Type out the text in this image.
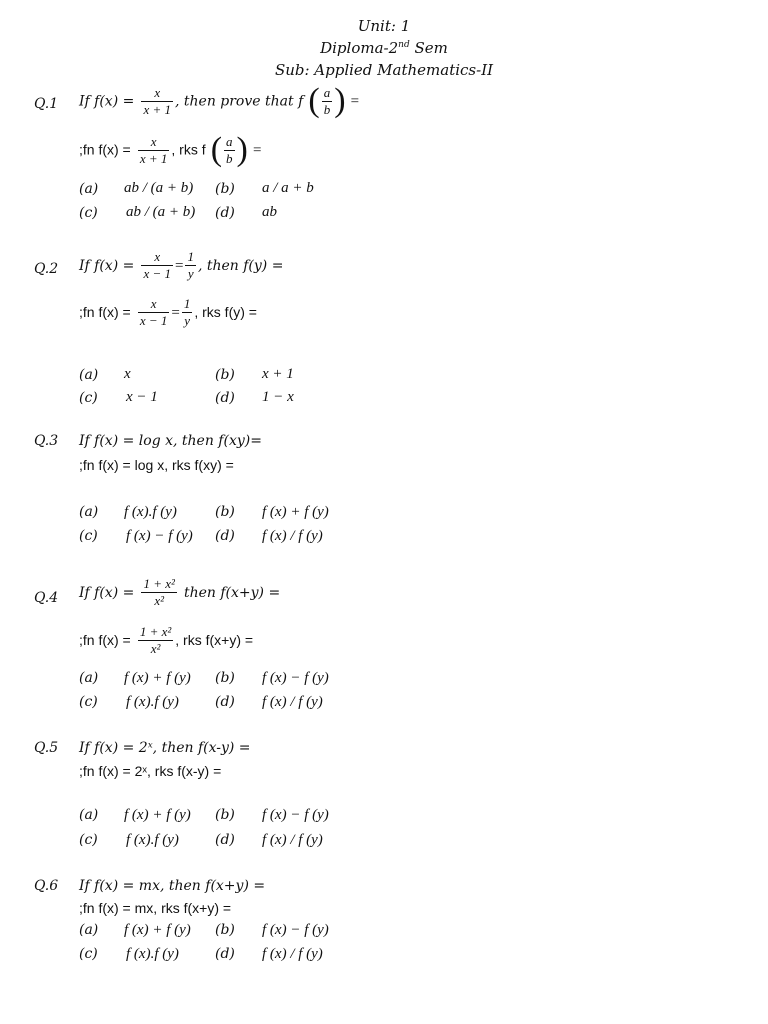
Unit: 1
Diploma-2nd Sem
Sub: Applied Mathematics-II
Q.1 If $f(x) = \frac{x}{x + 1}$ , then prove that f ( $\frac{a}{b}$ ) =
;fn $f(x) = \frac{x}{x + 1}$ , rks f ( $\frac{a}{b}$ ) =
(a) ab / (a + b) (b) a / a + b
(c) ab / (a + b) (d) ab
Q.2 If $f(x) = \frac{x}{x - 1} = \frac{1}{y}$ , then f(y) =
;fn $f(x) = \frac{x}{x - 1} = \frac{1}{y}$ , rks f(y) =
(a) x	(b) x + 1
(c) x − 1	(d) 1 − x
Q.3 If f(x) = log x, then f(xy)=
;fn f(x) = log x, rks f(xy) =
(a) f (x).f (y)	(b) f (x) + f (y)
(c) f (x) − f (y) (d) f (x) / f (y)
Q.4 If $f(x) = \frac{\text{1 + x²}}{\text{x²}}$ then f(x+y) =
;fn $f(x) = \frac{\text{1 + x²}}{\text{x²}}$ , rks f(x+y) =
(a) f (x) + f (y) (b) f (x) − f (y)
(c) f (x).f (y)	(d) f (x) / f (y)
Q.5 If f(x) = 2ˣ, then f(x-y) =
;fn f(x) = 2ˣ, rks f(x-y) =
(a) f (x) + f (y) (b) f (x) − f (y)
(c) f (x).f (y)	(d) f (x) / f (y)
Q.6 If f(x) = mx, then f(x+y) =
;fn f(x) = mx, rks f(x+y) =
(a) f (x) + f (y) (b) f (x) − f (y)
(c) f (x).f (y)	(d) f (x) / f (y)
